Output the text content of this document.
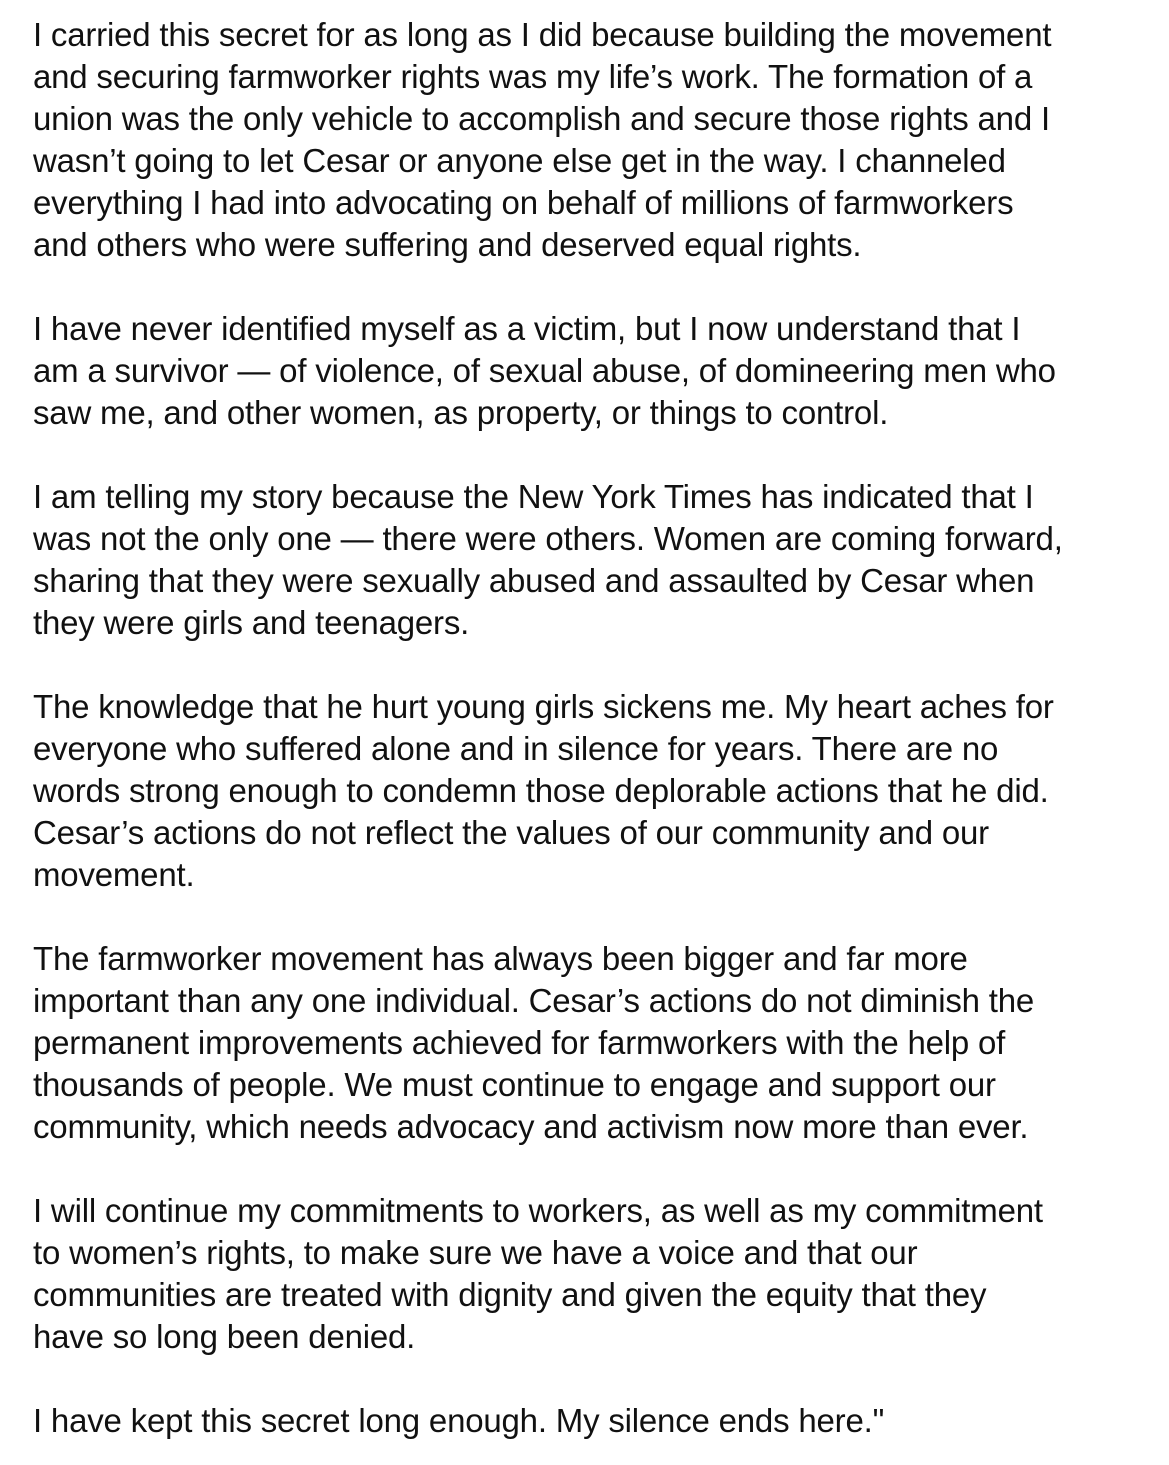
I carried this secret for as long as I did because building the movement
and securing farmworker rights was my life’s work. The formation of a
union was the only vehicle to accomplish and secure those rights and I
wasn’t going to let Cesar or anyone else get in the way. I channeled
everything I had into advocating on behalf of millions of farmworkers
and others who were suffering and deserved equal rights.

I have never identified myself as a victim, but I now understand that I
am a survivor — of violence, of sexual abuse, of domineering men who
saw me, and other women, as property, or things to control.

I am telling my story because the New York Times has indicated that I
was not the only one — there were others. Women are coming forward,
sharing that they were sexually abused and assaulted by Cesar when
they were girls and teenagers.

The knowledge that he hurt young girls sickens me. My heart aches for
everyone who suffered alone and in silence for years. There are no
words strong enough to condemn those deplorable actions that he did.
Cesar’s actions do not reflect the values of our community and our
movement.

The farmworker movement has always been bigger and far more
important than any one individual. Cesar’s actions do not diminish the
permanent improvements achieved for farmworkers with the help of
thousands of people. We must continue to engage and support our
community, which needs advocacy and activism now more than ever.

I will continue my commitments to workers, as well as my commitment
to women’s rights, to make sure we have a voice and that our
communities are treated with dignity and given the equity that they
have so long been denied.

I have kept this secret long enough. My silence ends here."
